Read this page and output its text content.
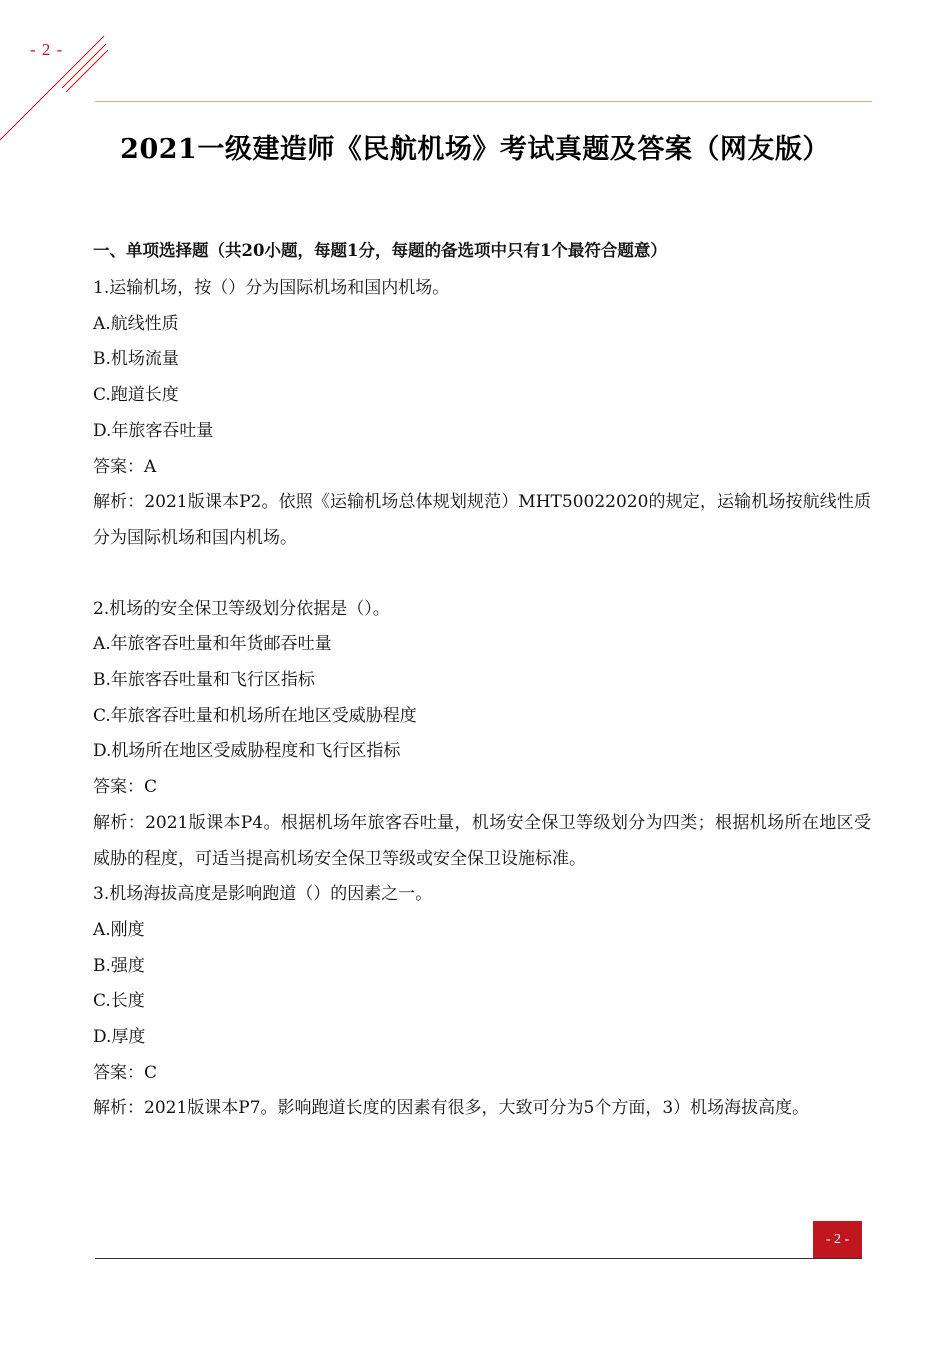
- 2 -
2021一级建造师《民航机场》考试真题及答案（网友版）
一、单项选择题（共20小题，每题1分，每题的备选项中只有1个最符合题意）
1.运输机场，按（）分为国际机场和国内机场。
A.航线性质
B.机场流量
C.跑道长度
D.年旅客吞吐量
答案：A
解析：2021版课本P2。依照《运输机场总体规划规范）MHT50022020的规定，运输机场按航线性质分为国际机场和国内机场。
2.机场的安全保卫等级划分依据是（）。
A.年旅客吞吐量和年货邮吞吐量
B.年旅客吞吐量和飞行区指标
C.年旅客吞吐量和机场所在地区受威胁程度
D.机场所在地区受威胁程度和飞行区指标
答案：C
解析：2021版课本P4。根据机场年旅客吞吐量，机场安全保卫等级划分为四类；根据机场所在地区受威胁的程度，可适当提高机场安全保卫等级或安全保卫设施标准。
3.机场海拔高度是影响跑道（）的因素之一。
A.刚度
B.强度
C.长度
D.厚度
答案：C
解析：2021版课本P7。影响跑道长度的因素有很多，大致可分为5个方面，3）机场海拔高度。
- 2 -
